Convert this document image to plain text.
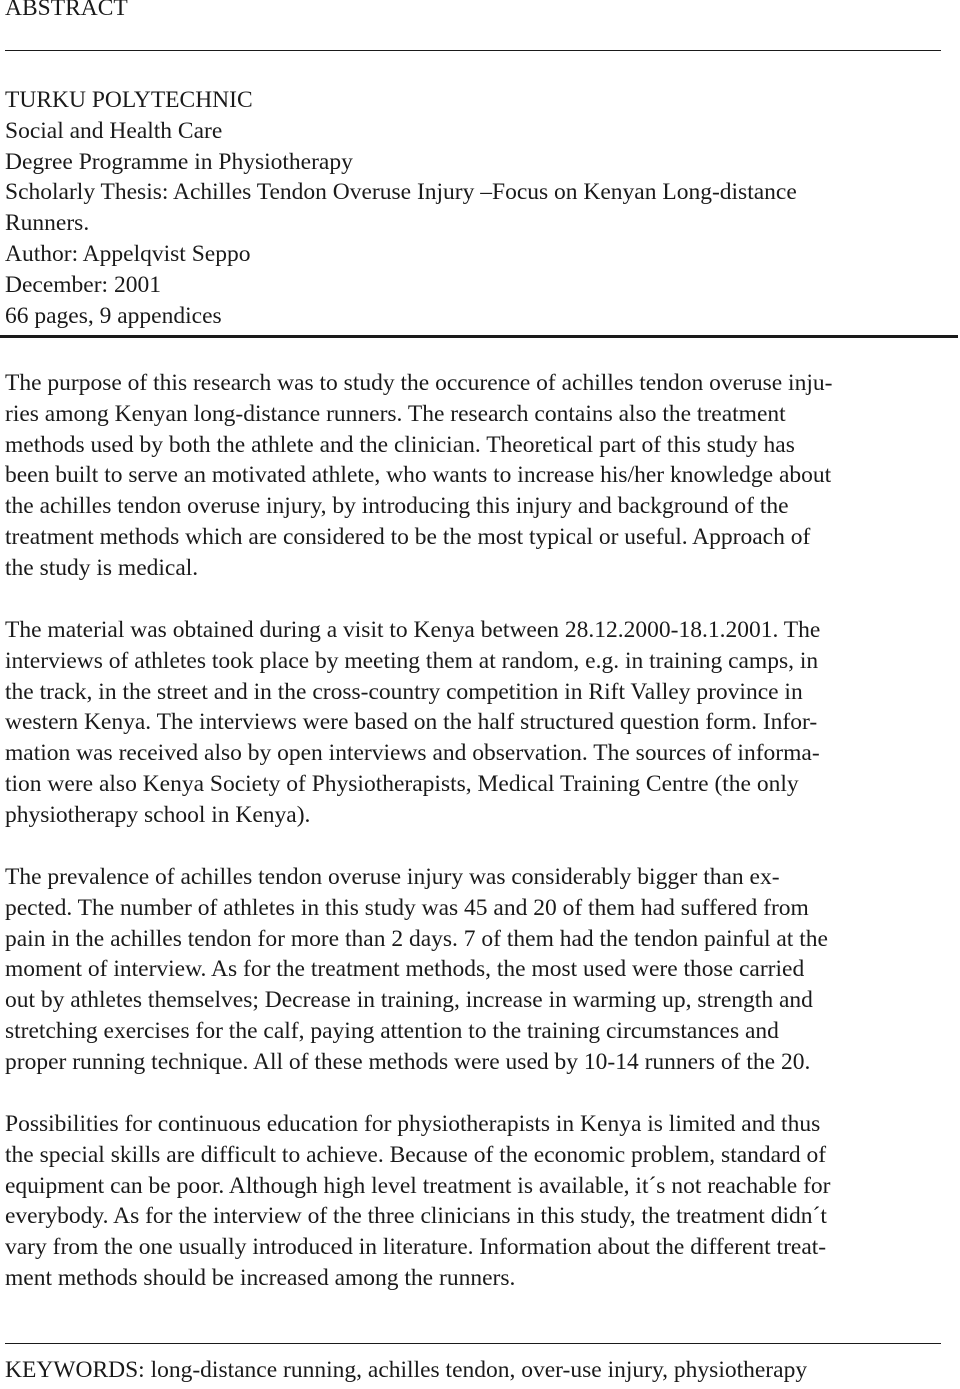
ABSTRACT
TURKU POLYTECHNIC
Social and Health Care
Degree Programme in Physiotherapy
Scholarly Thesis: Achilles Tendon Overuse Injury –Focus on Kenyan Long-distance
Runners.
Author: Appelqvist Seppo
December: 2001
66 pages, 9 appendices
The purpose of this research was to study the occurence of achilles tendon overuse inju-
ries among Kenyan long-distance runners. The research contains also the treatment
methods used by both the athlete and the clinician. Theoretical part of this study has
been built to serve an motivated athlete, who wants to increase his/her knowledge about
the achilles tendon overuse injury, by introducing this injury and background of the
treatment methods which are considered to be the most typical or useful. Approach of
the study is medical.
The material was obtained during a visit to Kenya between 28.12.2000-18.1.2001. The
interviews of athletes took place by meeting them at random, e.g. in training camps, in
the track, in the street and in the cross-country competition in Rift Valley province in
western Kenya. The interviews were based on the half structured question form. Infor-
mation was received also by open interviews and observation. The sources of informa-
tion were also Kenya Society of Physiotherapists, Medical Training Centre (the only
physiotherapy school in Kenya).
The prevalence of achilles tendon overuse injury was considerably bigger than ex-
pected. The number of athletes in this study was 45 and 20 of them had suffered from
pain in the achilles tendon for more than 2 days. 7 of them had the tendon painful at the
moment of interview. As for the treatment methods, the most used were those carried
out by athletes themselves; Decrease in training, increase in warming up, strength and
stretching exercises for the calf, paying attention to the training circumstances and
proper running technique. All of these methods were used by 10-14 runners of the 20.
Possibilities for continuous education for physiotherapists in Kenya is limited and thus
the special skills are difficult to achieve. Because of the economic problem, standard of
equipment can be poor. Although high level treatment is available, it´s not reachable for
everybody. As for the interview of the three clinicians in this study, the treatment didn´t
vary from the one usually introduced in literature. Information about the different treat-
ment methods should be increased among the runners.
KEYWORDS: long-distance running, achilles tendon, over-use injury, physiotherapy
